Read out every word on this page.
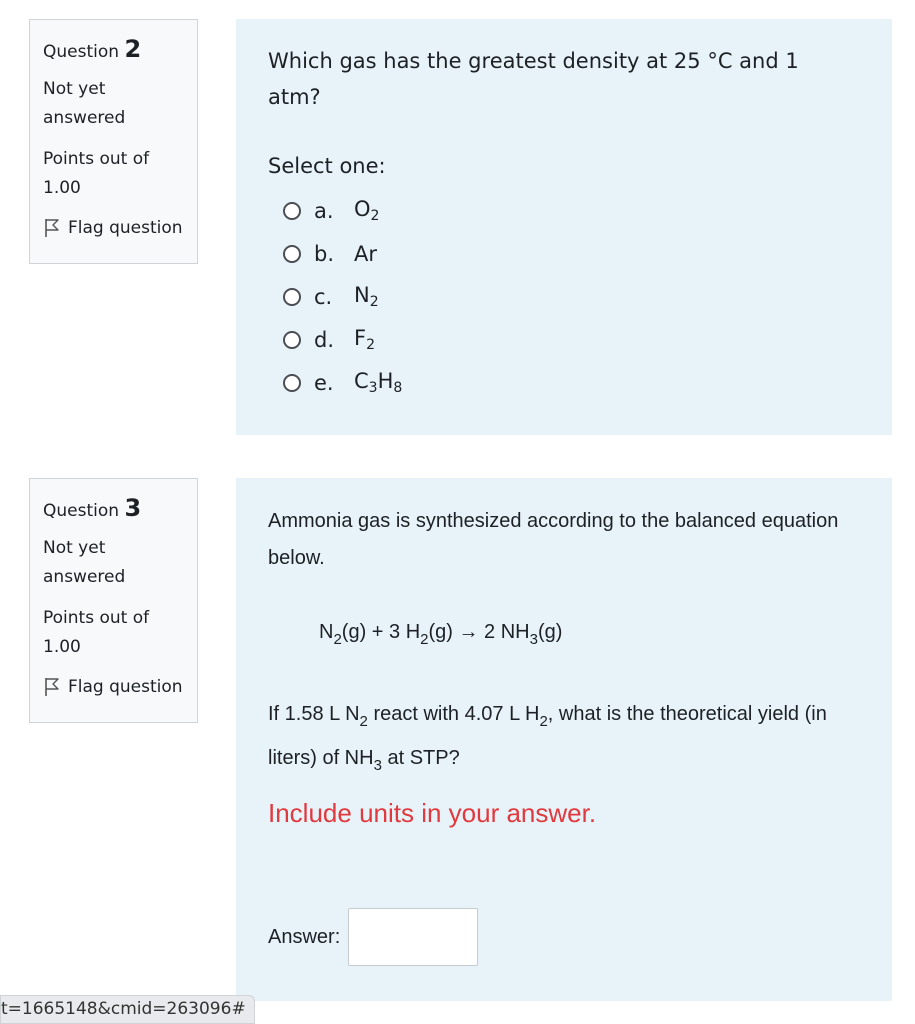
Question 2
Not yet answered
Points out of 1.00
Flag question
Which gas has the greatest density at 25 °C and 1 atm?
Select one:
a. $O_2$
b. Ar
c.	$N_2$
d. $F_2$
e. $C_3H_8$
Question 3
Not yet answered
Points out of 1.00
Flag question
Ammonia gas is synthesized according to the balanced equation below.
$N_2(g) + 3$ $H_2(g) \to 2$ $NH_3(g)$
If 1.58 L $N_2$ react with 4.07 L $H_2$, what is the theoretical yield (in liters) of $NH_3$ at STP?
Include units in your answer.
Answer:
t=1665148&cmid=263096#
